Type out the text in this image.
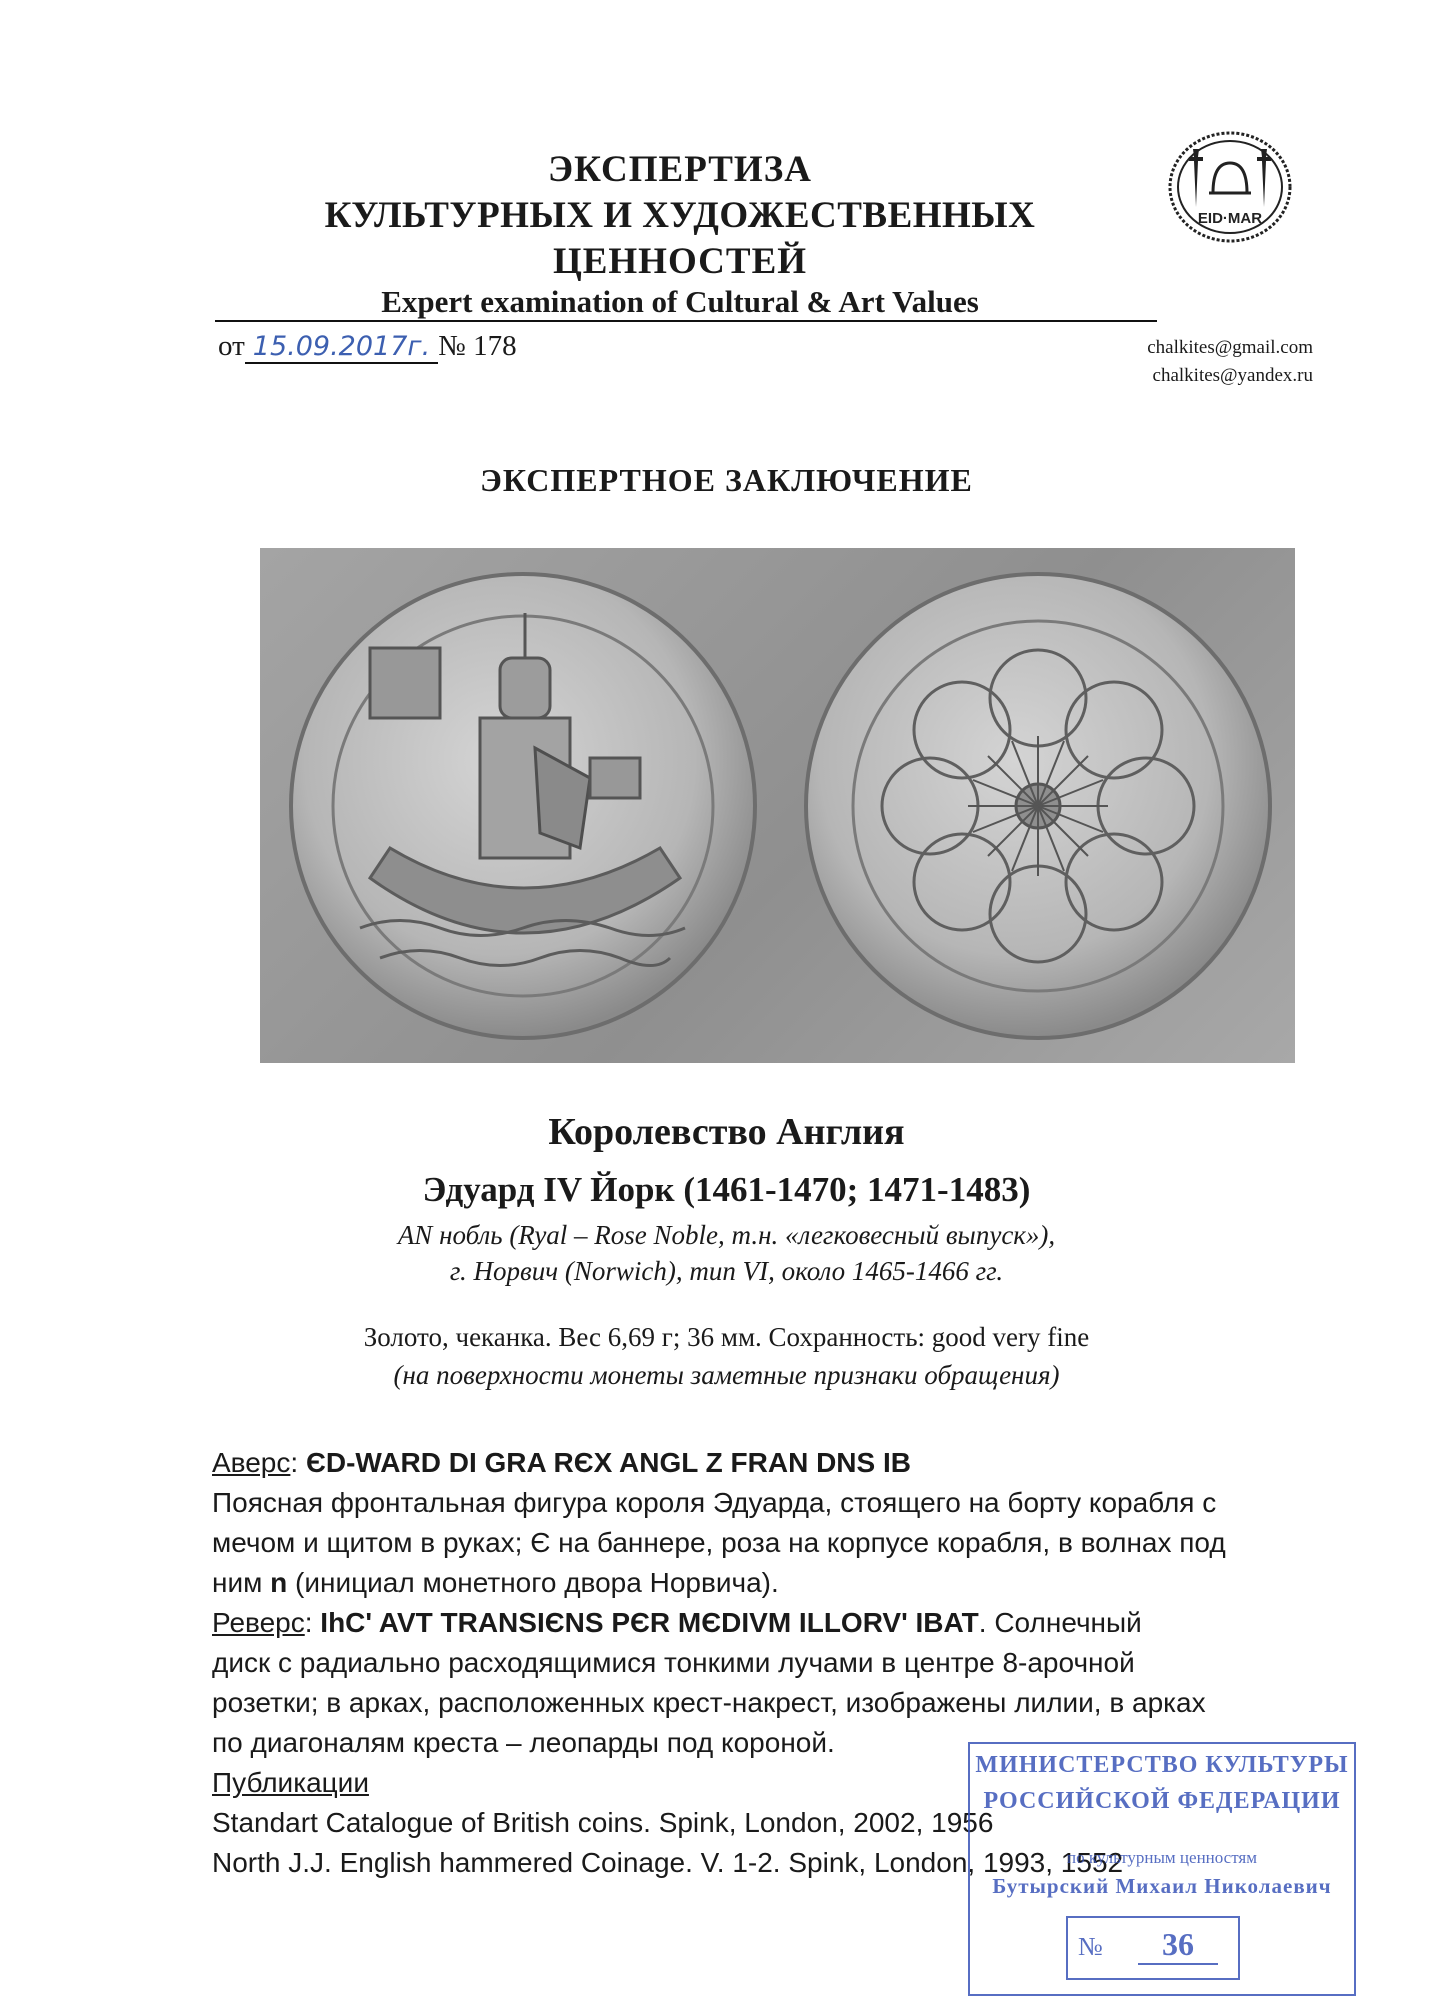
ЭКСПЕРТИЗА
КУЛЬТУРНЫХ И ХУДОЖЕСТВЕННЫХ
ЦЕННОСТЕЙ
Expert examination of Cultural & Art Values
EID·MAR
от 15.09.2017г. № 178	chalkites@gmail.com
chalkites@yandex.ru
ЭКСПЕРТНОЕ ЗАКЛЮЧЕНИЕ
Королевство Англия
Эдуард IV Йорк (1461-1470; 1471-1483)
AN нобль (Ryal – Rose Noble, т.н. «легковесный выпуск»),
г. Норвич (Norwich), тип VI, около 1465-1466 гг.
Золото, чеканка. Вес 6,69 г; 36 мм. Сохранность: good very fine
(на поверхности монеты заметные признаки обращения)
Аверс: ЄD-WARD DI GRA RЄX ANGL Z FRAN DNS IB
Поясная фронтальная фигура короля Эдуарда, стоящего на борту корабля с
мечом и щитом в руках; Є на баннере, роза на корпусе корабля, в волнах под
ним n (инициал монетного двора Норвича).
Реверс: IhC' AVT TRANSIЄNS PЄR MЄDIVM ILLORV' IBAT. Солнечный
диск с радиально расходящимися тонкими лучами в центре 8-арочной
розетки; в арках, расположенных крест-накрест, изображены лилии, в арках
по диагоналям креста – леопарды под короной.
Публикации
Standart Catalogue of British coins. Spink, London, 2002, 1956
North J.J. English hammered Coinage. V. 1-2. Spink, London, 1993, 1552
МИНИСТЕРСТВО КУЛЬТУРЫ
РОССИЙСКОЙ ФЕДЕРАЦИИ
по культурным ценностям
Бутырский Михаил Николаевич
№	36
